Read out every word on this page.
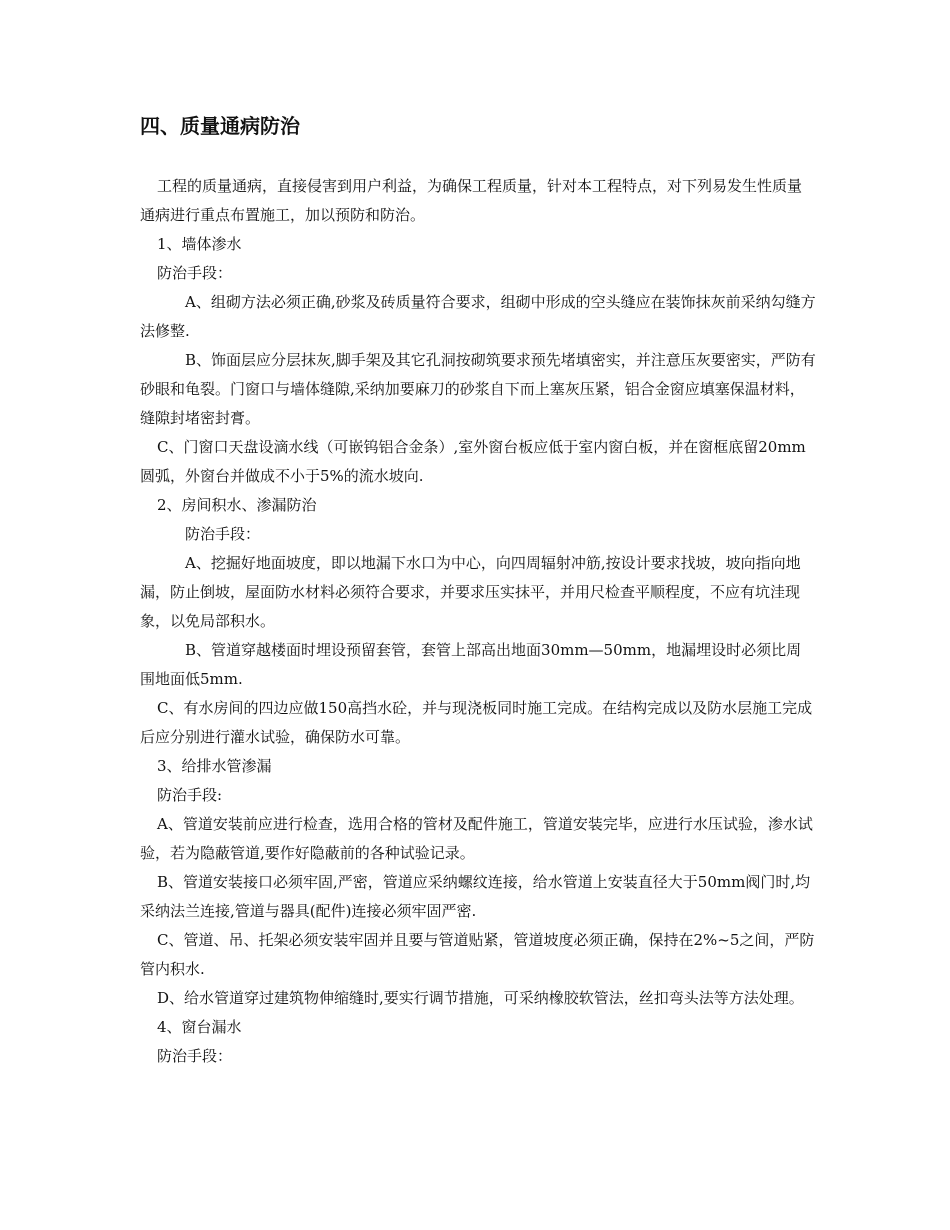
四、质量通病防治

工程的质量通病，直接侵害到用户利益，为确保工程质量，针对本工程特点，对下列易发生性质量通病进行重点布置施工，加以预防和防治。

1、墙体渗水

防治手段：

A、组砌方法必须正确,砂浆及砖质量符合要求，组砌中形成的空头缝应在装饰抹灰前采纳勾缝方法修整.

B、饰面层应分层抹灰,脚手架及其它孔洞按砌筑要求预先堵填密实，并注意压灰要密实，严防有砂眼和龟裂。门窗口与墙体缝隙,采纳加要麻刀的砂浆自下而上塞灰压紧，铝合金窗应填塞保温材料，缝隙封堵密封膏。

C、门窗口天盘设滴水线（可嵌钨铝合金条）,室外窗台板应低于室内窗白板，并在窗框底留20mm圆弧，外窗台并做成不小于5%的流水坡向.

2、房间积水、渗漏防治

防治手段：

A、挖掘好地面坡度，即以地漏下水口为中心，向四周辐射冲筋,按设计要求找坡，坡向指向地漏，防止倒坡，屋面防水材料必须符合要求，并要求压实抹平，并用尺检查平顺程度，不应有坑洼现象，以免局部积水。

B、管道穿越楼面时埋设预留套管，套管上部高出地面30mm—50mm，地漏埋设时必须比周围地面低5mm.

C、有水房间的四边应做150高挡水砼，并与现浇板同时施工完成。在结构完成以及防水层施工完成后应分别进行灌水试验，确保防水可靠。

3、给排水管渗漏

防治手段:

A、管道安装前应进行检查，选用合格的管材及配件施工，管道安装完毕，应进行水压试验，渗水试验，若为隐蔽管道,要作好隐蔽前的各种试验记录。

B、管道安装接口必须牢固,严密，管道应采纳螺纹连接，给水管道上安装直径大于50mm阀门时,均采纳法兰连接,管道与器具(配件)连接必须牢固严密.

C、管道、吊、托架必须安装牢固并且要与管道贴紧，管道坡度必须正确，保持在2%~5之间，严防管内积水.

D、给水管道穿过建筑物伸缩缝时,要实行调节措施，可采纳橡胶软管法，丝扣弯头法等方法处理。

4、窗台漏水

防治手段：
